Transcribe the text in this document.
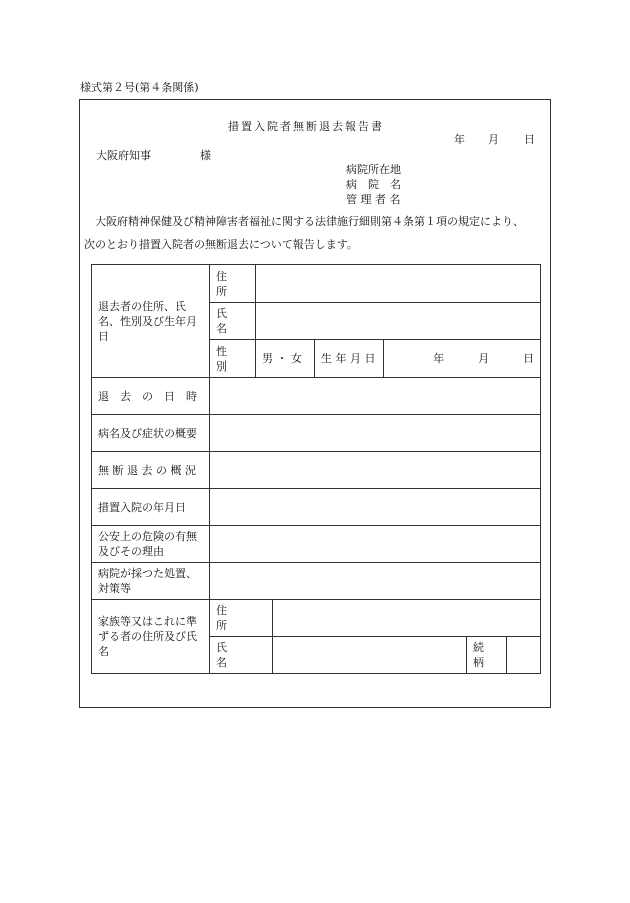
様式第２号(第４条関係)
措置入院者無断退去報告書
年 月 日
大阪府知事	様
病院所在地
病　院　名
管 理 者 名
大阪府精神保健及び精神障害者福祉に関する法律施行細則第４条第１項の規定により、
次のとおり措置入院者の無断退去について報告します。
退去者の住所、氏名、性別及び生年月日	住　　所						
	氏　　名						
	性　　別	男 ・ 女		生 年 月 日	年 月 日		
退　去　の　日　時							
病名及び症状の概要							
無 断 退 去 の 概 況							
措置入院の年月日							
公安上の危険の有無及びその理由							
病院が採つた処置、対策等							
家族等又はこれに準ずる者の住所及び氏名	住　　　所						
	氏　　　名					続　柄	
